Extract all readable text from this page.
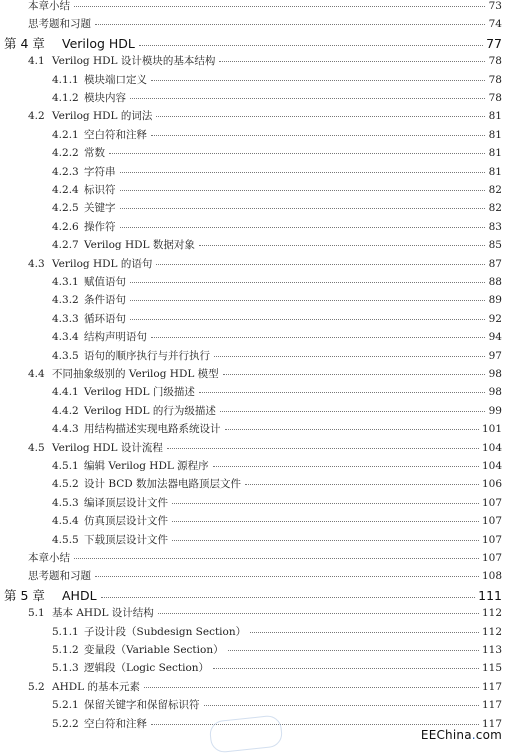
本章小结	73
思考题和习题	74
第 4 章	Verilog HDL	77
4.1 Verilog HDL 设计模块的基本结构	78
4.1.1 模块端口定义	78
4.1.2 模块内容	78
4.2 Verilog HDL 的词法	81
4.2.1 空白符和注释	81
4.2.2 常数	81
4.2.3 字符串	81
4.2.4 标识符	82
4.2.5 关键字	82
4.2.6 操作符	83
4.2.7 Verilog HDL 数据对象	85
4.3 Verilog HDL 的语句	87
4.3.1 赋值语句	88
4.3.2 条件语句	89
4.3.3 循环语句	92
4.3.4 结构声明语句	94
4.3.5 语句的顺序执行与并行执行	97
4.4 不同抽象级别的 Verilog HDL 模型	98
4.4.1 Verilog HDL 门级描述	98
4.4.2 Verilog HDL 的行为级描述	99
4.4.3 用结构描述实现电路系统设计	101
4.5 Verilog HDL 设计流程	104
4.5.1 编辑 Verilog HDL 源程序	104
4.5.2 设计 BCD 数加法器电路顶层文件	106
4.5.3 编译顶层设计文件	107
4.5.4 仿真顶层设计文件	107
4.5.5 下载顶层设计文件	107
本章小结	107
思考题和习题	108
第 5 章	AHDL	111
5.1 基本 AHDL 设计结构	112
5.1.1 子设计段（Subdesign Section）	112
5.1.2 变量段（Variable Section）	113
5.1.3 逻辑段（Logic Section）	115
5.2 AHDL 的基本元素	117
5.2.1 保留关键字和保留标识符	117
5.2.2 空白符和注释	117
EEChina.com
